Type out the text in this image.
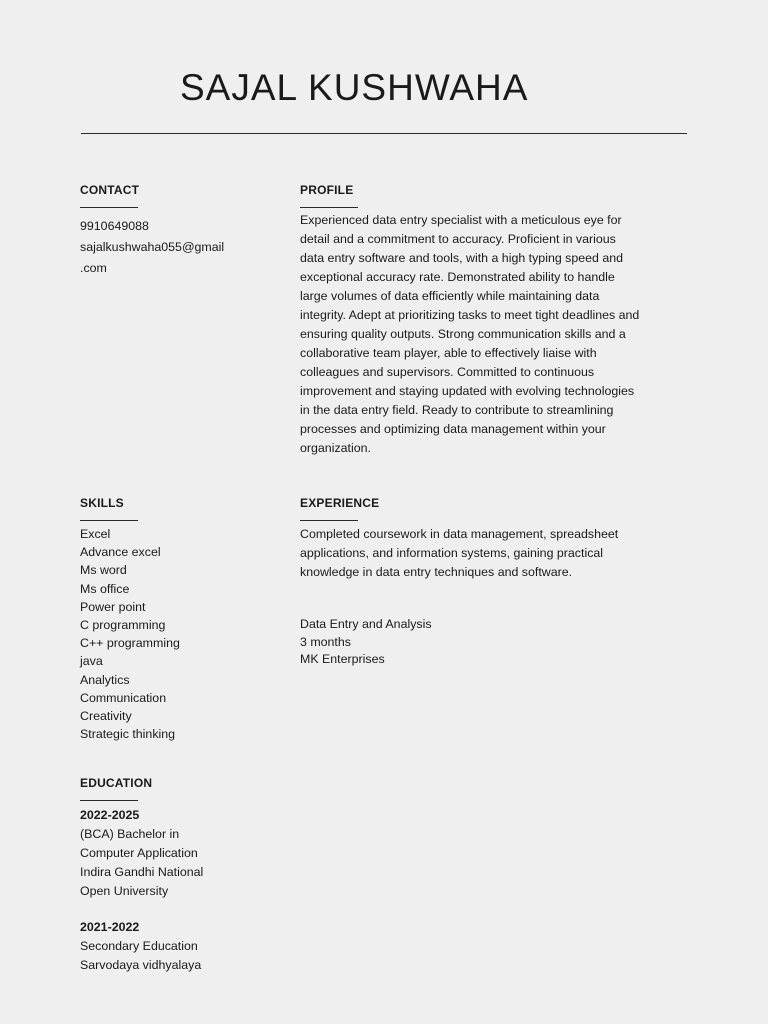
SAJAL KUSHWAHA
CONTACT

9910649088

sajalkushwaha055@gmail

.com

PROFILE

Experienced data entry specialist with a meticulous eye for
detail and a commitment to accuracy. Proficient in various
data entry software and tools, with a high typing speed and
exceptional accuracy rate. Demonstrated ability to handle
large volumes of data efficiently while maintaining data
integrity. Adept at prioritizing tasks to meet tight deadlines and
ensuring quality outputs. Strong communication skills and a
collaborative team player, able to effectively liaise with
colleagues and supervisors. Committed to continuous
improvement and staying updated with evolving technologies
in the data entry field. Ready to contribute to streamlining
processes and optimizing data management within your
organization.

SKILLS
Excel
Advance excel
Ms word
Ms office
Power point
C programming
C++ programming
java
Analytics
Communication
Creativity
Strategic thinking
EXPERIENCE

Completed coursework in data management, spreadsheet

applications, and information systems, gaining practical

knowledge in data entry techniques and software.

Data Entry and Analysis

3 months

MK Enterprises

EDUCATION

2022-2025

(BCA) Bachelor in

Computer Application

Indira Gandhi National

Open University

2021-2022

Secondary Education

Sarvodaya vidhyalaya
